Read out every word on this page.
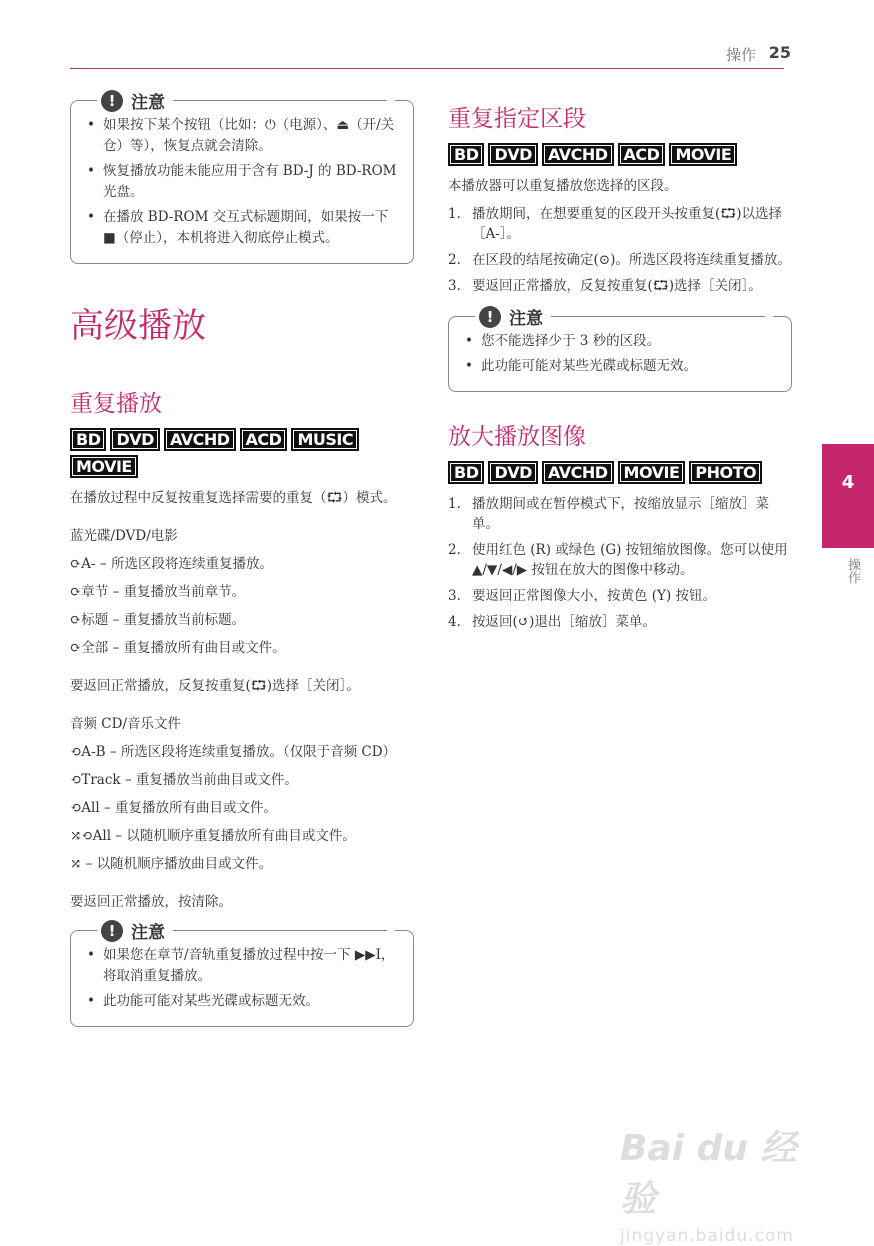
操作 25
! 注意
• 如果按下某个按钮（比如：⏻（电源）、⏏（开/关仓）等），恢复点就会清除。
• 恢复播放功能未能应用于含有 BD-J 的 BD-ROM 光盘。
• 在播放 BD-ROM 交互式标题期间，如果按一下 ■（停止），本机将进入彻底停止模式。
高级播放
重复播放
BD	DVD	AVCHD	ACD	MUSIC
MOVIE

在播放过程中反复按重复选择需要的重复（⮔）模式。

蓝光碟/DVD/电影

⟳A- – 所选区段将连续重复播放。

⟳章节 – 重复播放当前章节。

⟳标题 – 重复播放当前标题。

⟳全部 – 重复播放所有曲目或文件。

要返回正常播放，反复按重复(⮔)选择［关闭］。

音频 CD/音乐文件

⟲A-B – 所选区段将连续重复播放。（仅限于音频 CD）

⟲Track – 重复播放当前曲目或文件。

⟲All – 重复播放所有曲目或文件。

⤮⟲All – 以随机顺序重复播放所有曲目或文件。

⤮ – 以随机顺序播放曲目或文件。

要返回正常播放，按清除。

! 注意
• 如果您在章节/音轨重复播放过程中按一下 ▶▶I，将取消重复播放。
• 此功能可能对某些光碟或标题无效。
重复指定区段
BD	DVD	AVCHD	ACD	MOVIE

本播放器可以重复播放您选择的区段。

1. 播放期间，在想要重复的区段开头按重复(⮔)以选择［A-］。
2. 在区段的结尾按确定(⊙)。所选区段将连续重复播放。
3. 要返回正常播放，反复按重复(⮔)选择［关闭］。
! 注意
• 您不能选择少于 3 秒的区段。
• 此功能可能对某些光碟或标题无效。
放大播放图像
BD	DVD	AVCHD	MOVIE	PHOTO
1. 播放期间或在暂停模式下，按缩放显示［缩放］菜单。
2. 使用红色 (R) 或绿色 (G) 按钮缩放图像。您可以使用 ▲/▼/◀/▶ 按钮在放大的图像中移动。
3. 要返回正常图像大小，按黄色 (Y) 按钮。
4. 按返回(↺)退出［缩放］菜单。
4
操作
Bai du 经验
jingyan.baidu.com
